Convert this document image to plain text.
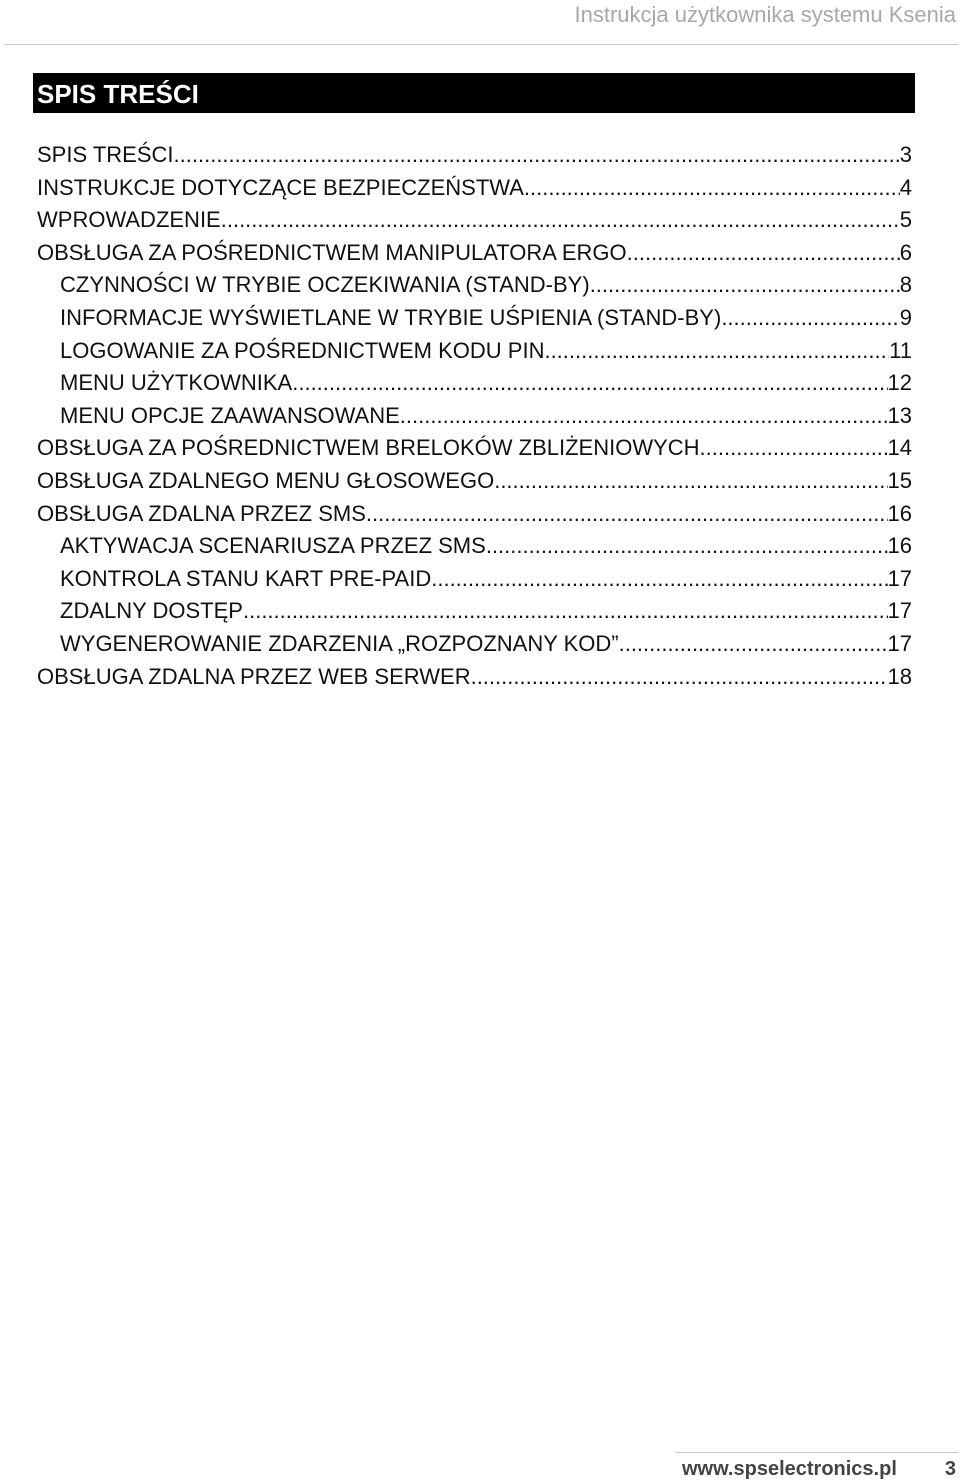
Instrukcja użytkownika systemu Ksenia
SPIS TREŚCI
SPIS TREŚCI .....	3
INSTRUKCJE DOTYCZĄCE BEZPIECZEŃSTWA .....	4
WPROWADZENIE .....	5
OBSŁUGA ZA POŚREDNICTWEM MANIPULATORA ERGO .....	6
CZYNNOŚCI W TRYBIE OCZEKIWANIA (STAND-BY) .....	8
INFORMACJE WYŚWIETLANE W TRYBIE UŚPIENIA (STAND-BY) .....	9
LOGOWANIE ZA POŚREDNICTWEM KODU PIN .....	11
MENU UŻYTKOWNIKA .....	12
MENU OPCJE ZAAWANSOWANE .....	13
OBSŁUGA ZA POŚREDNICTWEM BRELOKÓW ZBLIŻENIOWYCH .....	14
OBSŁUGA ZDALNEGO MENU GŁOSOWEGO .....	15
OBSŁUGA ZDALNA PRZEZ SMS .....	16
AKTYWACJA SCENARIUSZA PRZEZ SMS .....	16
KONTROLA STANU KART PRE-PAID .....	17
ZDALNY DOSTĘP .....	17
WYGENEROWANIE ZDARZENIA „ROZPOZNANY KOD” .....	17
OBSŁUGA ZDALNA PRZEZ WEB SERWER .....	18
www.spselectronics.pl 3
